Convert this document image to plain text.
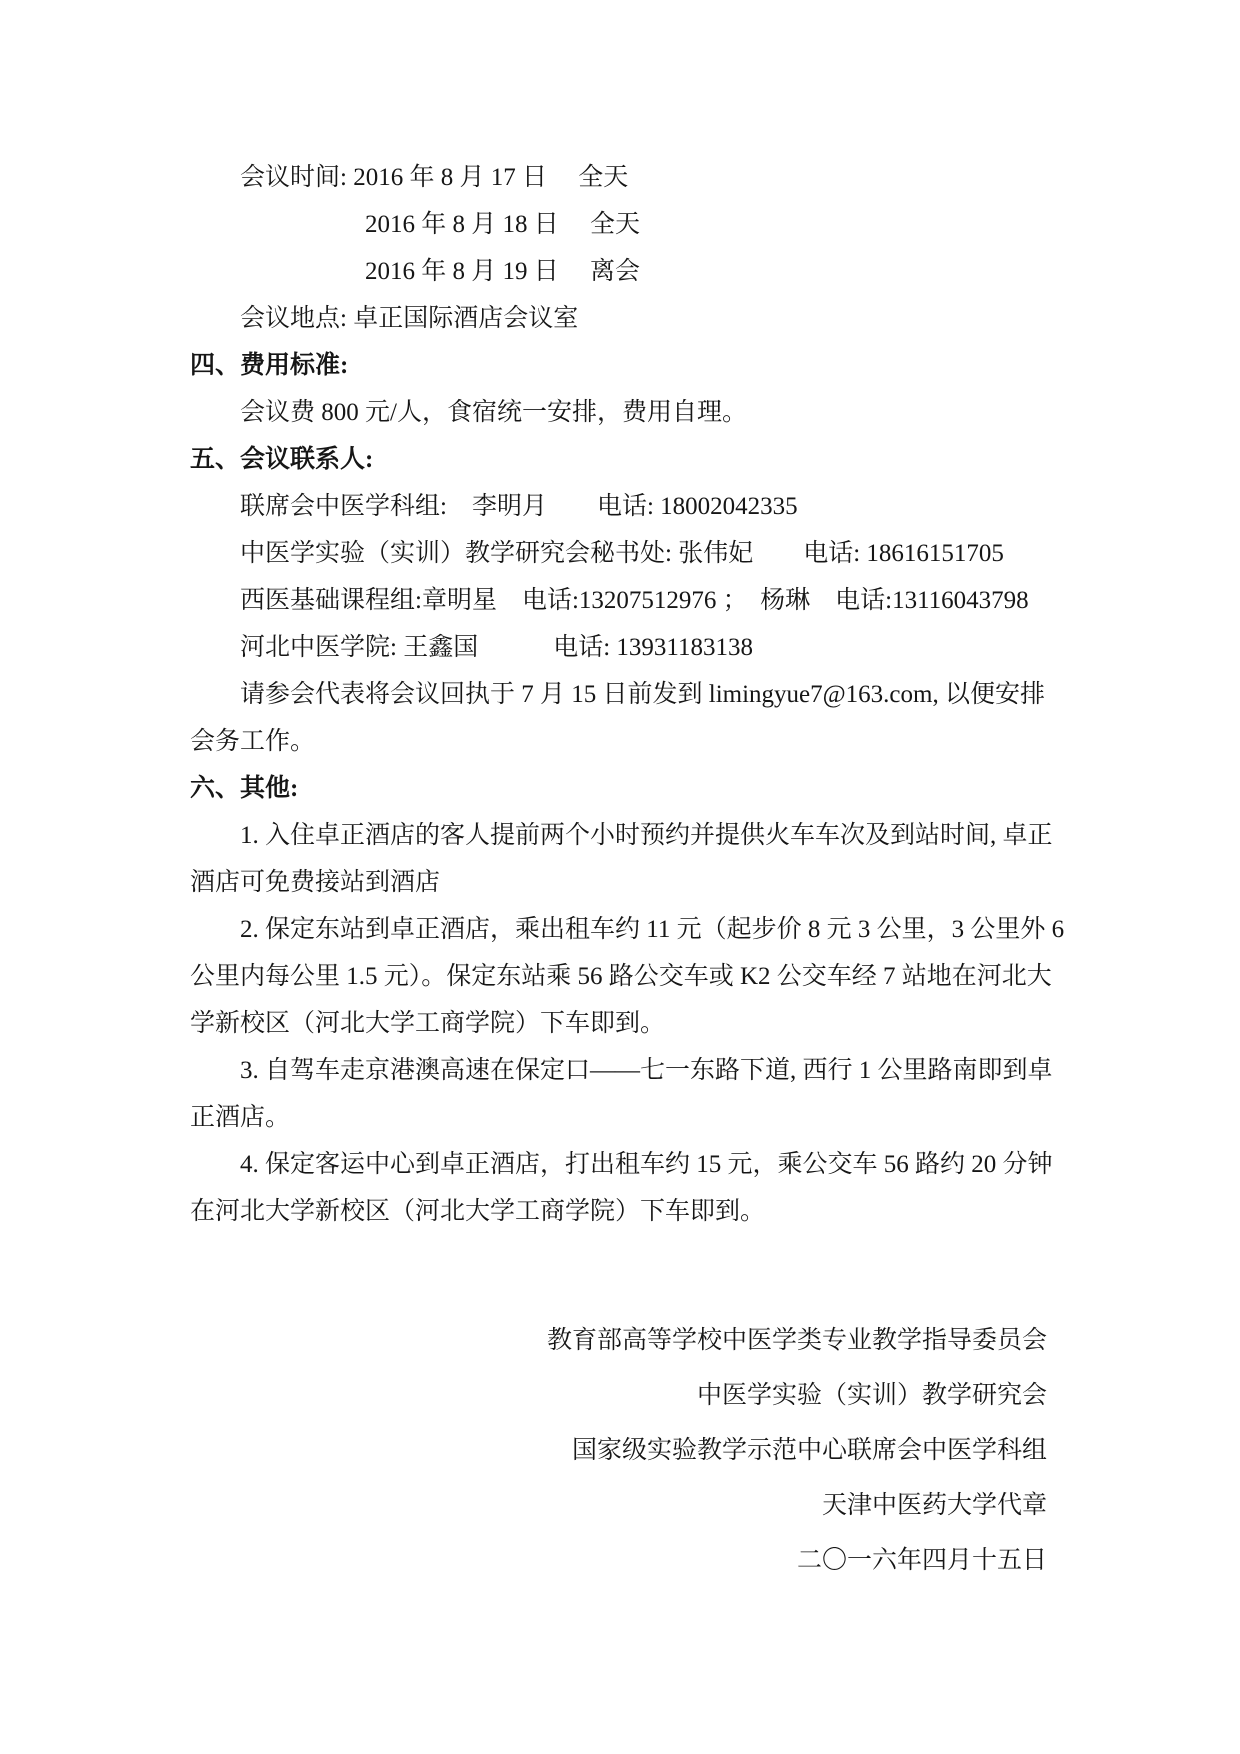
会议时间: 2016 年 8 月 17 日　 全天
2016 年 8 月 18 日　 全天
2016 年 8 月 19 日　 离会
会议地点: 卓正国际酒店会议室
四、费用标准:
会议费 800 元/人，食宿统一安排，费用自理。
五、会议联系人:
联席会中医学科组:　李明月　　电话: 18002042335
中医学实验（实训）教学研究会秘书处: 张伟妃　　电话: 18616151705
西医基础课程组:章明星　电话:13207512976 ；　杨琳　电话:13116043798
河北中医学院: 王鑫国　　　电话: 13931183138
请参会代表将会议回执于 7 月 15 日前发到 limingyue7@163.com, 以便安排
会务工作。
六、其他:
1. 入住卓正酒店的客人提前两个小时预约并提供火车车次及到站时间, 卓正
酒店可免费接站到酒店
2. 保定东站到卓正酒店，乘出租车约 11 元（起步价 8 元 3 公里，3 公里外 6
公里内每公里 1.5 元）。保定东站乘 56 路公交车或 K2 公交车经 7 站地在河北大
学新校区（河北大学工商学院）下车即到。
3. 自驾车走京港澳高速在保定口——七一东路下道, 西行 1 公里路南即到卓
正酒店。
4. 保定客运中心到卓正酒店，打出租车约 15 元，乘公交车 56 路约 20 分钟
在河北大学新校区（河北大学工商学院）下车即到。
教育部高等学校中医学类专业教学指导委员会
中医学实验（实训）教学研究会
国家级实验教学示范中心联席会中医学科组
天津中医药大学代章
二〇一六年四月十五日
